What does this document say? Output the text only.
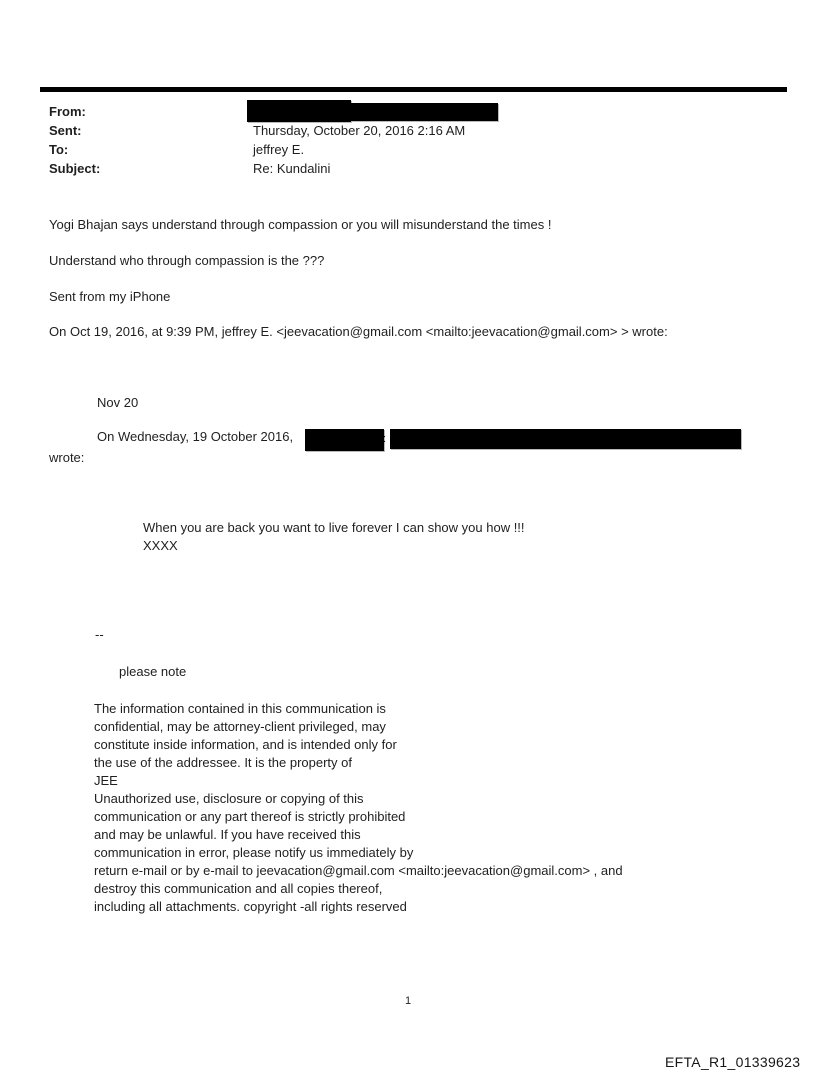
From:
Sent:	Thursday, October 20, 2016 2:16 AM
To:	jeffrey E.
Subject:	Re: Kundalini
Yogi Bhajan says understand through compassion or you will misunderstand the times !
Understand who through compassion is the ???
Sent from my iPhone
On Oct 19, 2016, at 9:39 PM, jeffrey E. <jeevacation@gmail.com <mailto:jeevacation@gmail.com> > wrote:
Nov 20
On Wednesday, 19 October 2016,	:
wrote:
When you are back you want to live forever I can show you how !!!
XXXX
--
please note
The information contained in this communication is
confidential, may be attorney-client privileged, may
constitute inside information, and is intended only for
the use of the addressee. It is the property of
JEE
Unauthorized use, disclosure or copying of this
communication or any part thereof is strictly prohibited
and may be unlawful. If you have received this
communication in error, please notify us immediately by
return e-mail or by e-mail to jeevacation@gmail.com <mailto:jeevacation@gmail.com> , and
destroy this communication and all copies thereof,
including all attachments. copyright -all rights reserved
1
EFTA_R1_01339623
